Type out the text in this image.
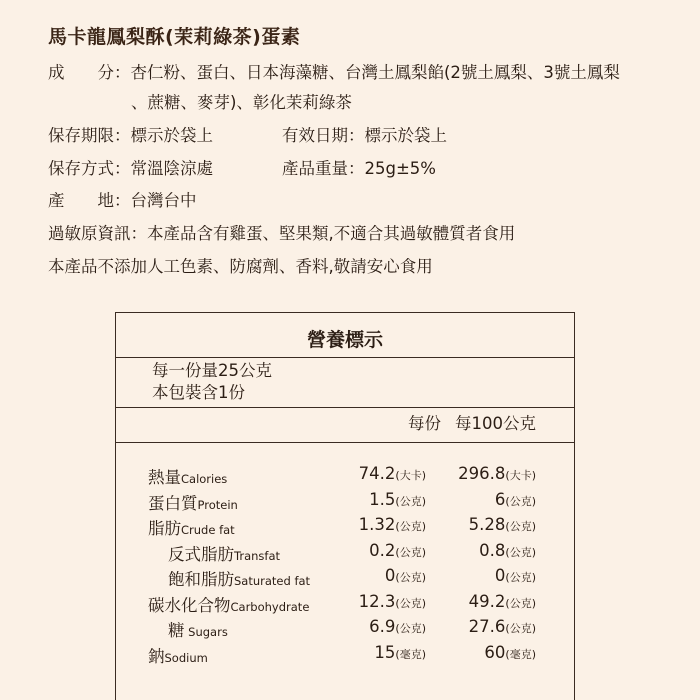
馬卡龍鳳梨酥(茉莉綠茶)蛋素
成　　分：杏仁粉、蛋白、日本海藻糖、台灣土鳳梨餡(2號土鳳梨、3號土鳳梨
、蔗糖、麥芽)、彰化茉莉綠茶
保存期限：標示於袋上	有效日期：標示於袋上
保存方式：常溫陰涼處	產品重量：25g±5%
產　　地：台灣台中
過敏原資訊：本產品含有雞蛋、堅果類,不適合其過敏體質者食用
本產品不添加人工色素、防腐劑、香料,敬請安心食用
營養標示
每一份量25公克
本包裝含1份
每份 每100公克
熱量Calories	74.2(大卡) 296.8(大卡)
蛋白質Protein	1.5(公克)	6(公克)
脂肪Crude fat	1.32(公克)	5.28(公克)
反式脂肪Transfat	0.2(公克)	0.8(公克)
飽和脂肪Saturated fat	0(公克)	0(公克)
碳水化合物Carbohydrate	12.3(公克)	49.2(公克)
糖 Sugars	6.9(公克)	27.6(公克)
鈉Sodium	15(毫克)	60(毫克)
